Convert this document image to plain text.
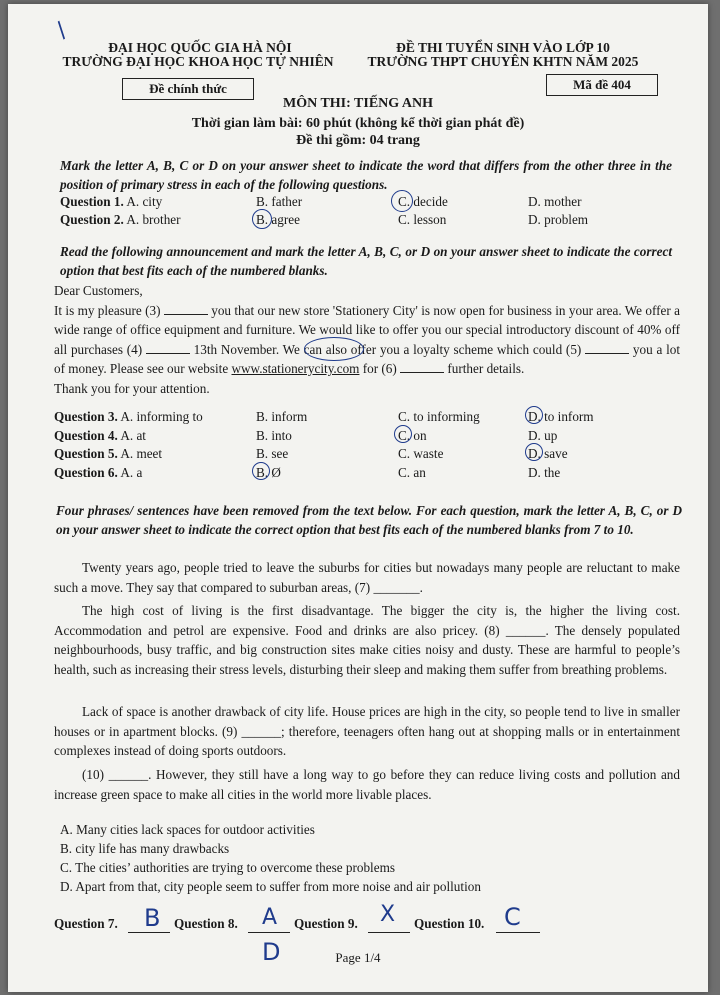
ĐẠI HỌC QUỐC GIA HÀ NỘI
TRƯỜNG ĐẠI HỌC KHOA HỌC TỰ NHIÊN
ĐỀ THI TUYỂN SINH VÀO LỚP 10
TRƯỜNG THPT CHUYÊN KHTN NĂM 2025
Đề chính thức	Mã đề 404
/
MÔN THI: TIẾNG ANH
Thời gian làm bài: 60 phút (không kể thời gian phát đề)
Đề thi gồm: 04 trang
Mark the letter A, B, C or D on your answer sheet to indicate the word that differs from the other three in the position of primary stress in each of the following questions.
Question 1. A. city	B. father	C. decide	D. mother
Question 2. A. brother	B. agree	C. lesson	D. problem
Read the following announcement and mark the letter A, B, C, or D on your answer sheet to indicate the correct option that best fits each of the numbered blanks.
Dear Customers,
It is my pleasure (3)	you that our new store 'Stationery City' is now open for business in your area. We offer a wide range of office equipment and furniture. We would like to offer you our special introductory discount of 40% off all purchases (4)	13th November. We can also offer you a loyalty scheme which could (5)	you a lot of money. Please see our website www.stationerycity.com for (6)	further details.
Thank you for your attention.
Question 3. A. informing to	B. inform	C. to informing	D. to inform
Question 4. A. at	B. into	C. on	D. up
Question 5. A. meet	B. see	C. waste	D. save
Question 6. A. a	B. Ø	C. an	D. the
Four phrases/ sentences have been removed from the text below. For each question, mark the letter A, B, C, or D on your answer sheet to indicate the correct option that best fits each of the numbered blanks from 7 to 10.
Twenty years ago, people tried to leave the suburbs for cities but nowadays many people are reluctant to make such a move. They say that compared to suburban areas, (7) _______.
The high cost of living is the first disadvantage. The bigger the city is, the higher the living cost. Accommodation and petrol are expensive. Food and drinks are also pricey. (8) ______. The densely populated neighbourhoods, busy traffic, and big construction sites make cities noisy and dusty. These are harmful to people’s health, such as increasing their stress levels, disturbing their sleep and making them suffer from breathing problems.
Lack of space is another drawback of city life. House prices are high in the city, so people tend to live in smaller houses or in apartment blocks. (9) ______; therefore, teenagers often hang out at shopping malls or in entertainment complexes instead of doing sports outdoors.
(10) ______. However, they still have a long way to go before they can reduce living costs and pollution and increase green space to make all cities in the world more livable places.
A. Many cities lack spaces for outdoor activities
B. city life has many drawbacks
C. The cities’ authorities are trying to overcome these problems
D. Apart from that, city people seem to suffer from more noise and air pollution
Question 7. B Question 8. A
D
Question 9. X Question 10. C
Page 1/4
